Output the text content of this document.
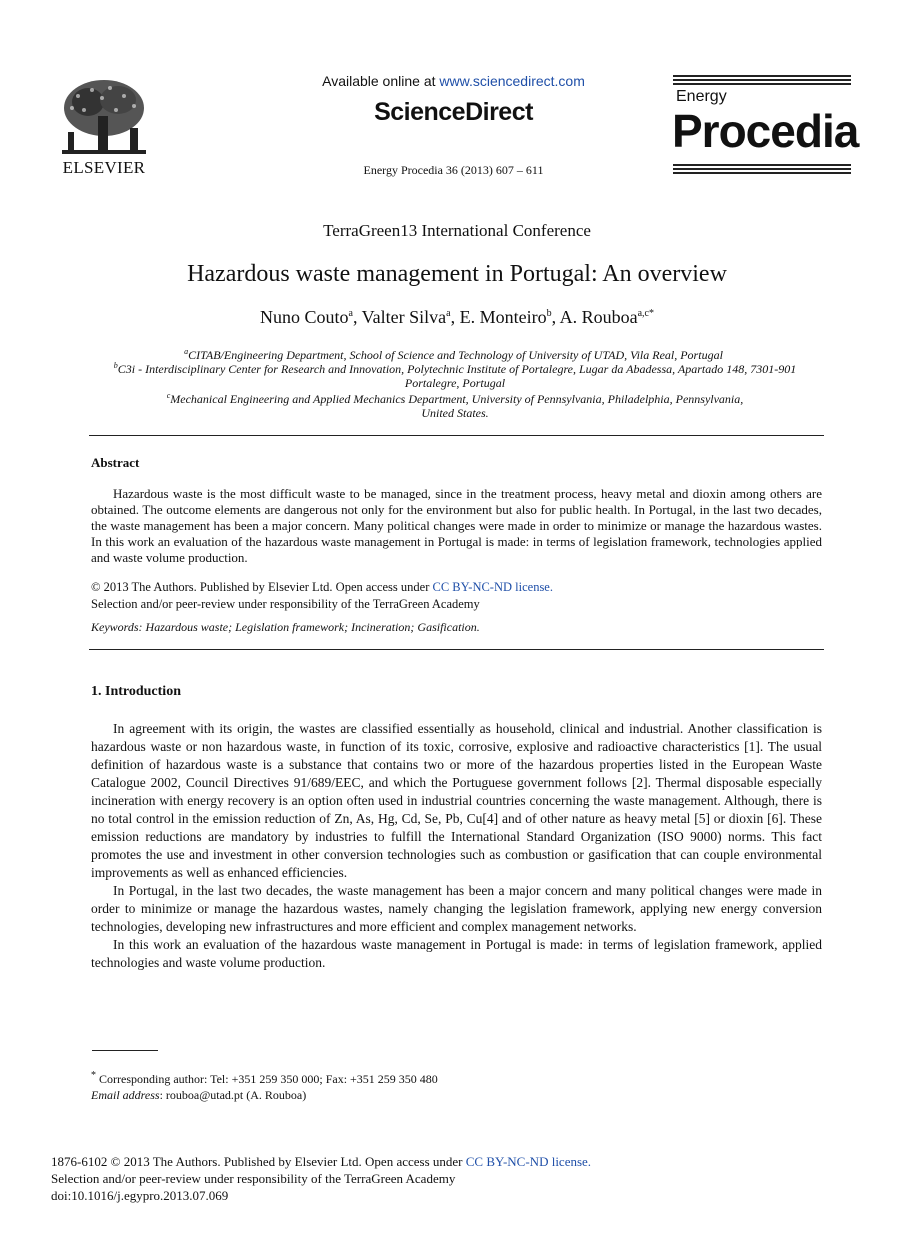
ELSEVIER
Available online at www.sciencedirect.com
ScienceDirect
Energy Procedia 36 (2013) 607 – 611
Energy
Procedia
TerraGreen13 International Conference
Hazardous waste management in Portugal: An overview
Nuno Couto$^a$, Valter Silva$^a$, E. Monteiro$^b$, A. Rouboa$^{a,c*}$
$^a$CITAB/Engineering Department, School of Science and Technology of University of UTAD, Vila Real, Portugal
$^b$C3i - Interdisciplinary Center for Research and Innovation, Polytechnic Institute of Portalegre, Lugar da Abadessa, Apartado 148, 7301-901
Portalegre, Portugal
$^c$Mechanical Engineering and Applied Mechanics Department, University of Pennsylvania, Philadelphia, Pennsylvania,
United States.
Abstract
Hazardous waste is the most difficult waste to be managed, since in the treatment process, heavy metal and dioxin among others are obtained. The outcome elements are dangerous not only for the environment but also for public health. In Portugal, in the last two decades, the waste management has been a major concern. Many political changes were made in order to minimize or manage the hazardous wastes. In this work an evaluation of the hazardous waste management in Portugal is made: in terms of legislation framework, technologies applied and waste volume production.
© 2013 The Authors. Published by Elsevier Ltd. Open access under CC BY-NC-ND license.
Selection and/or peer-review under responsibility of the TerraGreen Academy
Keywords: Hazardous waste; Legislation framework; Incineration; Gasification.
1. Introduction
In agreement with its origin, the wastes are classified essentially as household, clinical and industrial. Another classification is hazardous waste or non hazardous waste, in function of its toxic, corrosive, explosive and radioactive characteristics [1]. The usual definition of hazardous waste is a substance that contains two or more of the hazardous properties listed in the European Waste Catalogue 2002, Council Directives 91/689/EEC, and which the Portuguese government follows [2]. Thermal disposable especially incineration with energy recovery is an option often used in industrial countries concerning the waste management. Although, there is no total control in the emission reduction of Zn, As, Hg, Cd, Se, Pb, Cu[4] and of other nature as heavy metal [5] or dioxin [6]. These emission reductions are mandatory by industries to fulfill the International Standard Organization (ISO 9000) norms. This fact promotes the use and investment in other conversion technologies such as combustion or gasification that can couple environmental improvements as well as enhanced efficiencies.
In Portugal, in the last two decades, the waste management has been a major concern and many political changes were made in order to minimize or manage the hazardous wastes, namely changing the legislation framework, applying new energy conversion technologies, developing new infrastructures and more efficient and complex management networks.
In this work an evaluation of the hazardous waste management in Portugal is made: in terms of legislation framework, applied technologies and waste volume production.
* Corresponding author: Tel: +351 259 350 000; Fax: +351 259 350 480
Email address: rouboa@utad.pt (A. Rouboa)
1876-6102 © 2013 The Authors. Published by Elsevier Ltd. Open access under CC BY-NC-ND license.
Selection and/or peer-review under responsibility of the TerraGreen Academy
doi:10.1016/j.egypro.2013.07.069
